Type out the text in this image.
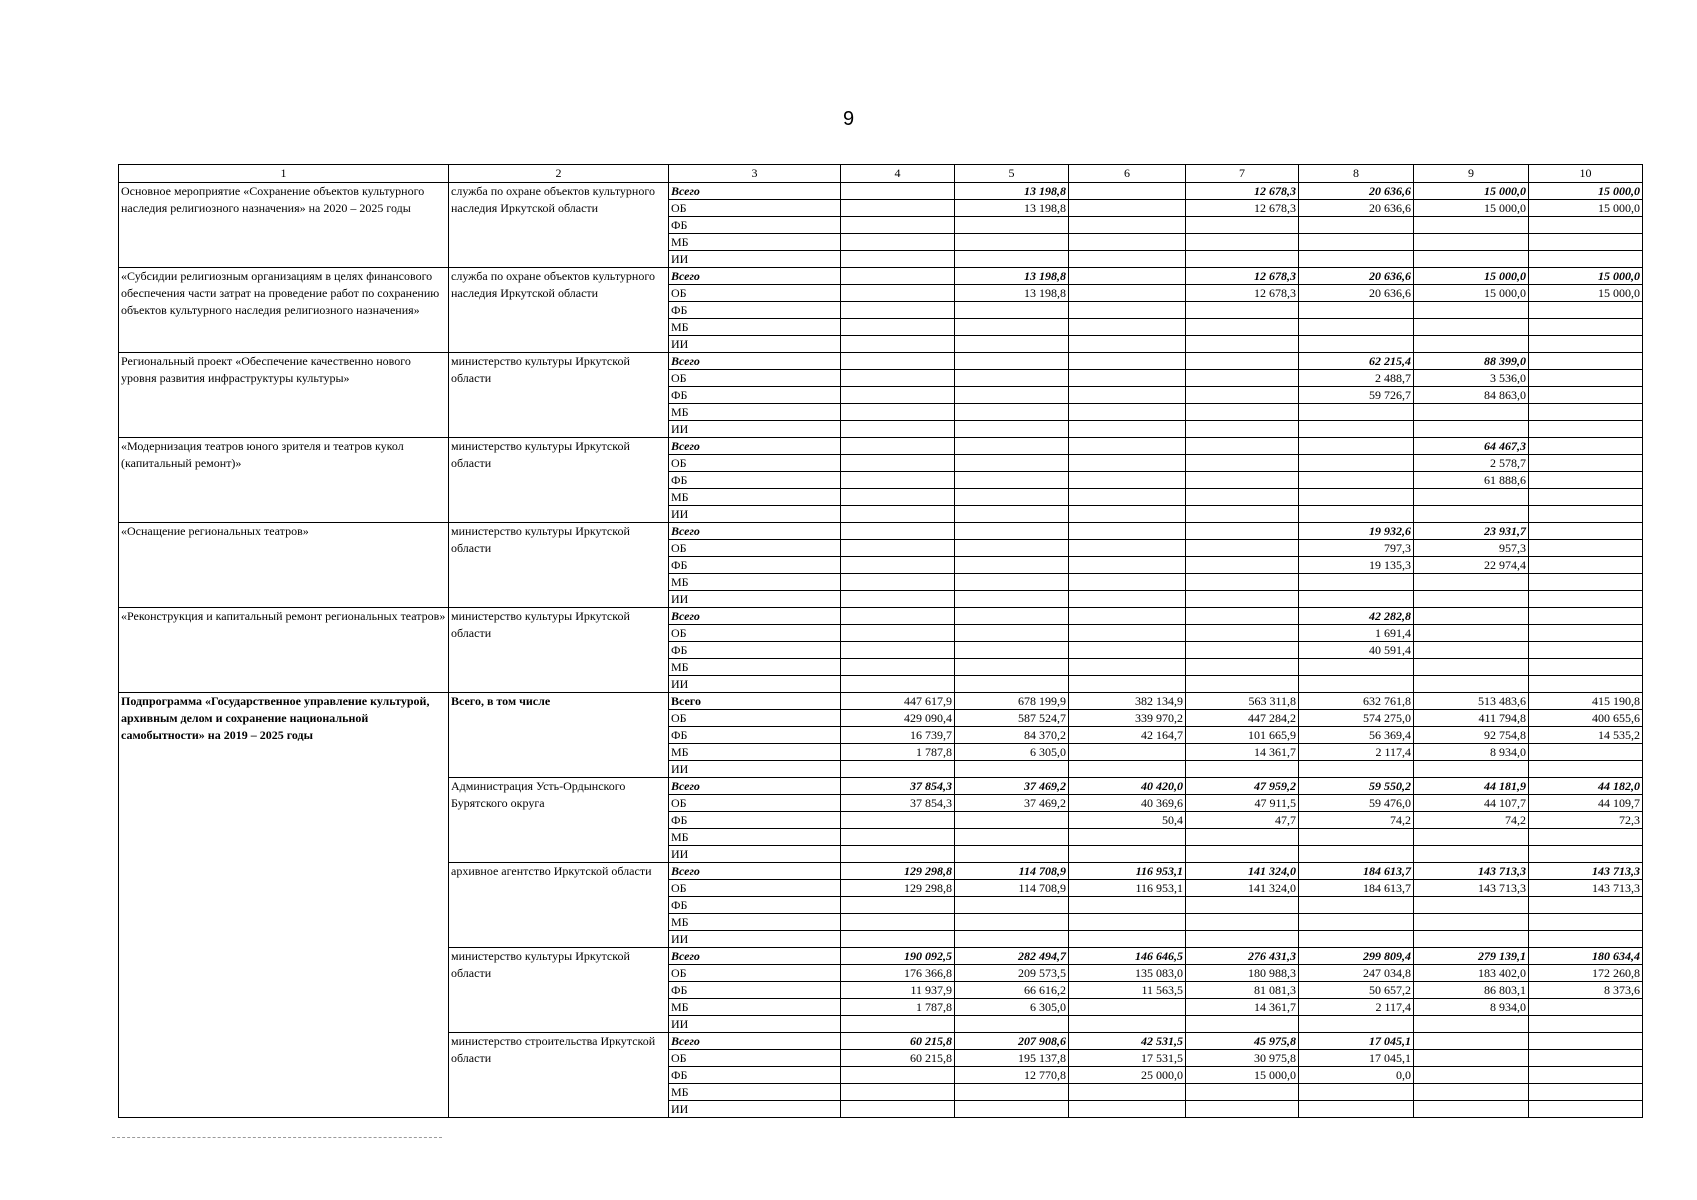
9
1	2	3	4	5	6	7	8	9	10
Основное мероприятие «Сохранение объектов культурного наследия религиозного назначения» на 2020 – 2025 годы	служба по охране объектов культурного наследия Иркутской области	Всего		13 198,8		12 678,3	20 636,6	15 000,0	15 000,0
		ОБ		13 198,8		12 678,3	20 636,6	15 000,0	15 000,0
		ФБ							
		МБ							
		ИИ							
«Субсидии религиозным организациям в целях финансового обеспечения части затрат на проведение работ по сохранению объектов культурного наследия религиозного назначения»	служба по охране объектов культурного наследия Иркутской области	Всего		13 198,8		12 678,3	20 636,6	15 000,0	15 000,0
		ОБ		13 198,8		12 678,3	20 636,6	15 000,0	15 000,0
		ФБ							
		МБ							
		ИИ							
Региональный проект «Обеспечение качественно нового уровня развития инфраструктуры культуры»	министерство культуры Иркутской области	Всего					62 215,4	88 399,0	
		ОБ					2 488,7	3 536,0	
		ФБ					59 726,7	84 863,0	
		МБ							
		ИИ							
«Модернизация театров юного зрителя и театров кукол (капитальный ремонт)»	министерство культуры Иркутской области	Всего						64 467,3	
		ОБ						2 578,7	
		ФБ						61 888,6	
		МБ							
		ИИ							
«Оснащение региональных театров»	министерство культуры Иркутской области	Всего					19 932,6	23 931,7	
		ОБ					797,3	957,3	
		ФБ					19 135,3	22 974,4	
		МБ							
		ИИ							
«Реконструкция и капитальный ремонт региональных театров»	министерство культуры Иркутской области	Всего					42 282,8		
		ОБ					1 691,4		
		ФБ					40 591,4		
		МБ							
		ИИ							
Подпрограмма «Государственное управление культурой, архивным делом и сохранение национальной самобытности» на 2019 – 2025 годы	Всего, в том числе	Всего	447 617,9	678 199,9	382 134,9	563 311,8	632 761,8	513 483,6	415 190,8
		ОБ	429 090,4	587 524,7	339 970,2	447 284,2	574 275,0	411 794,8	400 655,6
		ФБ	16 739,7	84 370,2	42 164,7	101 665,9	56 369,4	92 754,8	14 535,2
		МБ	1 787,8	6 305,0		14 361,7	2 117,4	8 934,0	
		ИИ							
	Администрация Усть-Ордынского Бурятского округа	Всего	37 854,3	37 469,2	40 420,0	47 959,2	59 550,2	44 181,9	44 182,0
		ОБ	37 854,3	37 469,2	40 369,6	47 911,5	59 476,0	44 107,7	44 109,7
		ФБ			50,4	47,7	74,2	74,2	72,3
		МБ							
		ИИ							
	архивное агентство Иркутской области	Всего	129 298,8	114 708,9	116 953,1	141 324,0	184 613,7	143 713,3	143 713,3
		ОБ	129 298,8	114 708,9	116 953,1	141 324,0	184 613,7	143 713,3	143 713,3
		ФБ							
		МБ							
		ИИ							
	министерство культуры Иркутской области	Всего	190 092,5	282 494,7	146 646,5	276 431,3	299 809,4	279 139,1	180 634,4
		ОБ	176 366,8	209 573,5	135 083,0	180 988,3	247 034,8	183 402,0	172 260,8
		ФБ	11 937,9	66 616,2	11 563,5	81 081,3	50 657,2	86 803,1	8 373,6
		МБ	1 787,8	6 305,0		14 361,7	2 117,4	8 934,0	
		ИИ							
	министерство строительства Иркутской области	Всего	60 215,8	207 908,6	42 531,5	45 975,8	17 045,1		
		ОБ	60 215,8	195 137,8	17 531,5	30 975,8	17 045,1		
		ФБ		12 770,8	25 000,0	15 000,0	0,0		
		МБ							
		ИИ							
